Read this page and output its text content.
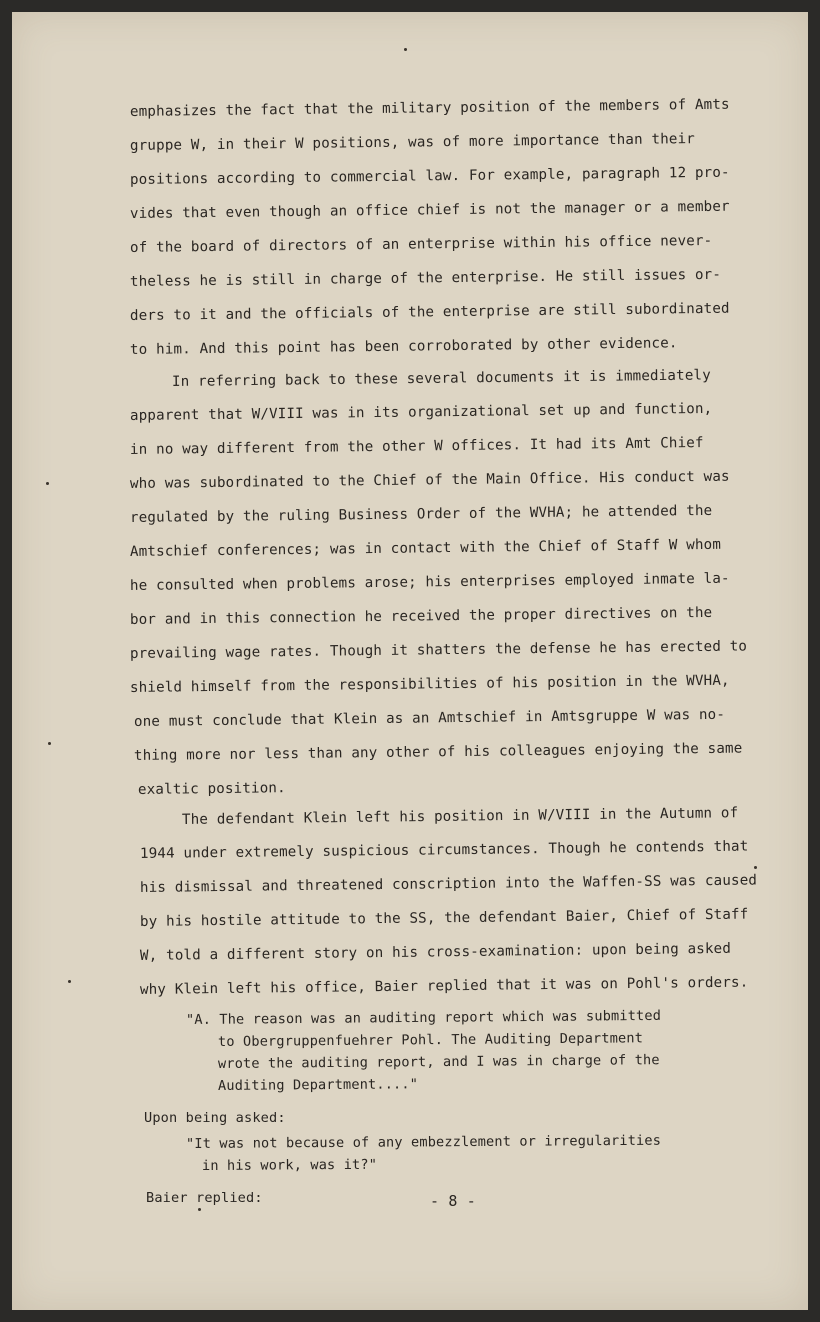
emphasizes the fact that the military position of the members of Amts
gruppe W, in their W positions, was of more importance than their
positions according to commercial law. For example, paragraph 12 pro-
vides that even though an office chief is not the manager or a member
of the board of directors of an enterprise within his office never-
theless he is still in charge of the enterprise. He still issues or-
ders to it and the officials of the enterprise are still subordinated
to him. And this point has been corroborated by other evidence.
In referring back to these several documents it is immediately
apparent that W/VIII was in its organizational set up and function,
in no way different from the other W offices. It had its Amt Chief
who was subordinated to the Chief of the Main Office. His conduct was
regulated by the ruling Business Order of the WVHA; he attended the
Amtschief conferences; was in contact with the Chief of Staff W whom
he consulted when problems arose; his enterprises employed inmate la-
bor and in this connection he received the proper directives on the
prevailing wage rates. Though it shatters the defense he has erected to
shield himself from the responsibilities of his position in the WVHA,
one must conclude that Klein as an Amtschief in Amtsgruppe W was no-
thing more nor less than any other of his colleagues enjoying the same
exaltic position.
The defendant Klein left his position in W/VIII in the Autumn of
1944 under extremely suspicious circumstances. Though he contends that
his dismissal and threatened conscription into the Waffen-SS was caused
by his hostile attitude to the SS, the defendant Baier, Chief of Staff
W, told a different story on his cross-examination: upon being asked
why Klein left his office, Baier replied that it was on Pohl's orders.
"A. The reason was an auditing report which was submitted
to Obergruppenfuehrer Pohl. The Auditing Department
wrote the auditing report, and I was in charge of the
Auditing Department...."
Upon being asked:
"It was not because of any embezzlement or irregularities
in his work, was it?"
Baier replied:	- 8 -
